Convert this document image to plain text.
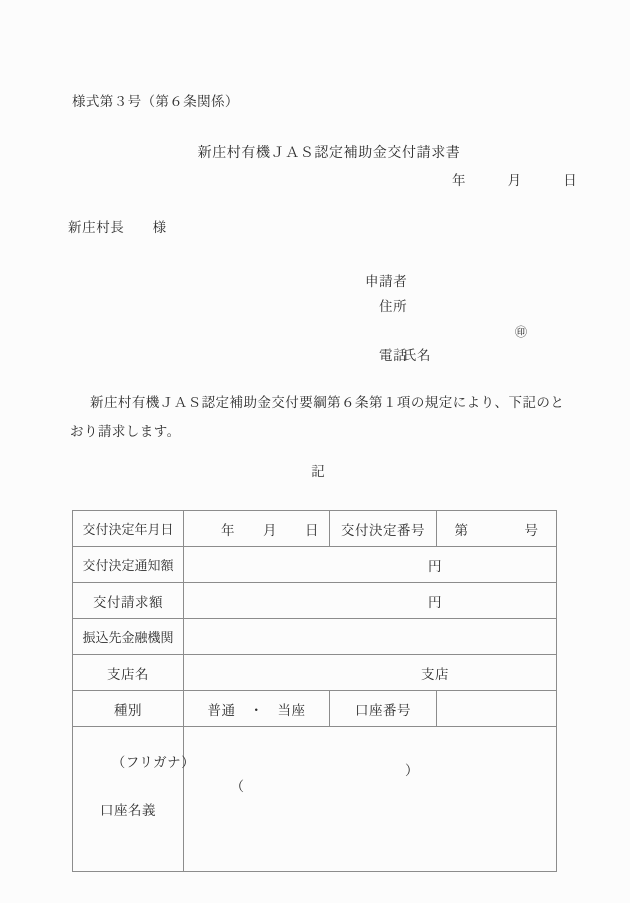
様式第３号（第６条関係）
新庄村有機ＪＡＳ認定補助金交付請求書
年　　　月　　　日
新庄村長　　様
申請者
住所

氏名
㊞

電話
新庄村有機ＪＡＳ認定補助金交付要綱第６条第１項の規定により、下記のと
おり請求します。
記
交付決定年月日	年　　月　　日	交付決定番号	第　　　　号
交付決定通知額	円		
交付請求額	円		
振込先金融機関			
支店名	支店		
種別	普通　・　当座	口座番号	

（フリガナ）

口座名義	（
）		
